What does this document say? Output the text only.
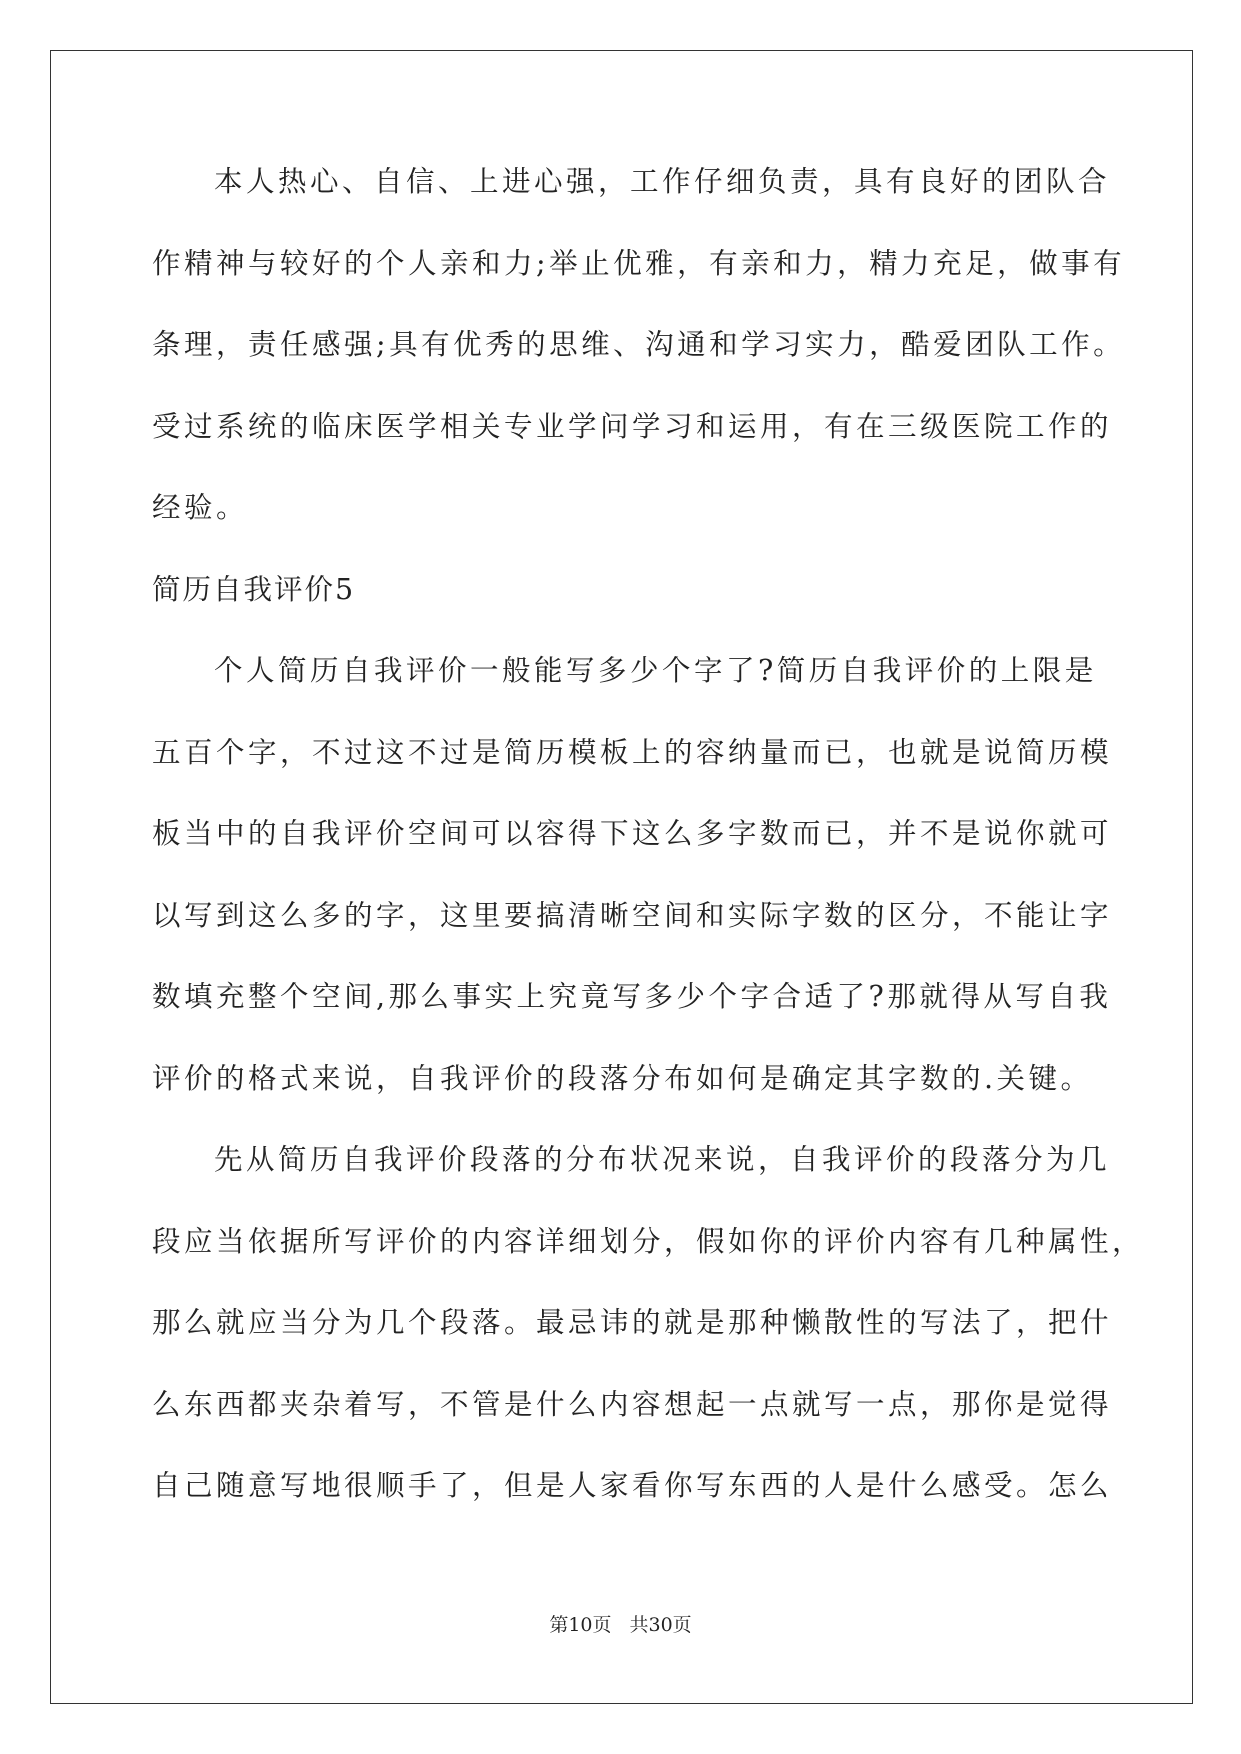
本人热心、自信、上进心强，工作仔细负责，具有良好的团队合
作精神与较好的个人亲和力;举止优雅，有亲和力，精力充足，做事有
条理，责任感强;具有优秀的思维、沟通和学习实力，酷爱团队工作。
受过系统的临床医学相关专业学问学习和运用，有在三级医院工作的
经验。
简历自我评价5
个人简历自我评价一般能写多少个字了?简历自我评价的上限是
五百个字，不过这不过是简历模板上的容纳量而已，也就是说简历模
板当中的自我评价空间可以容得下这么多字数而已，并不是说你就可
以写到这么多的字，这里要搞清晰空间和实际字数的区分，不能让字
数填充整个空间,那么事实上究竟写多少个字合适了?那就得从写自我
评价的格式来说，自我评价的段落分布如何是确定其字数的.关键。
先从简历自我评价段落的分布状况来说，自我评价的段落分为几
段应当依据所写评价的内容详细划分，假如你的评价内容有几种属性，
那么就应当分为几个段落。最忌讳的就是那种懒散性的写法了，把什
么东西都夹杂着写，不管是什么内容想起一点就写一点，那你是觉得
自己随意写地很顺手了，但是人家看你写东西的人是什么感受。怎么
第10页 共30页
